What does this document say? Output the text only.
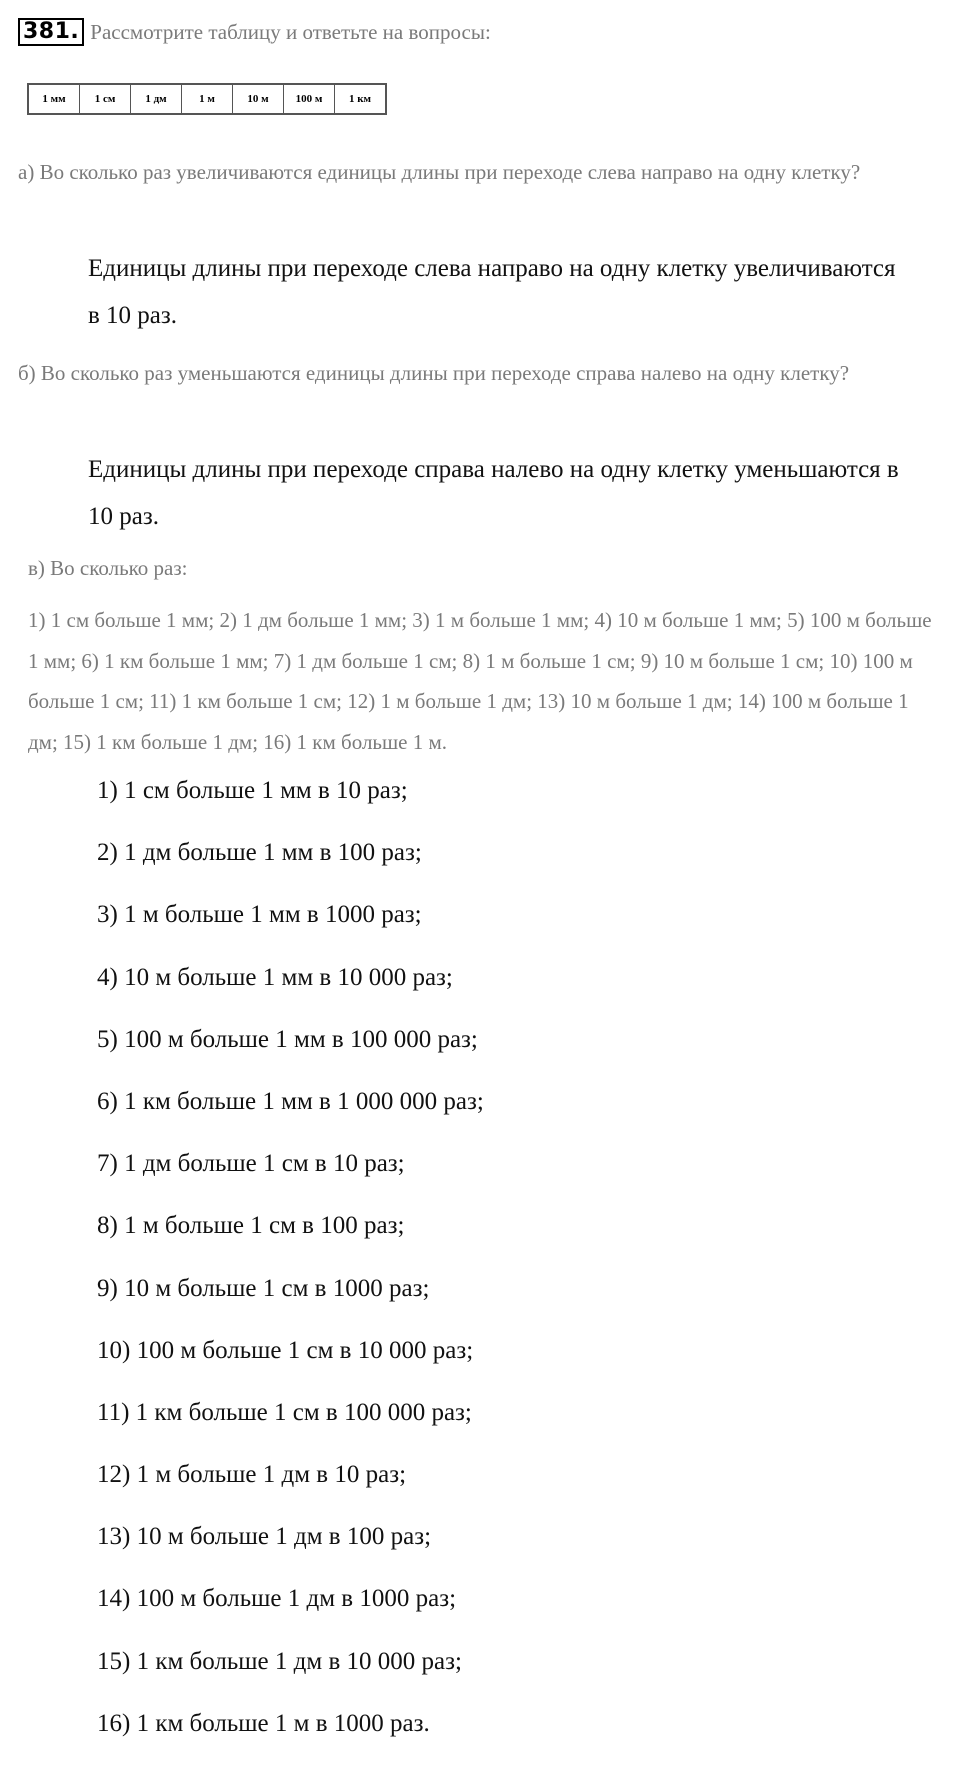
381. Рассмотрите таблицу и ответьте на вопросы:
1 мм	1 см	1 дм	1 м	10 м	100 м	1 км
а) Во сколько раз увеличиваются единицы длины при переходе слева направо на одну клетку?
Единицы длины при переходе слева направо на одну клетку увеличиваются в 10 раз.
б) Во сколько раз уменьшаются единицы длины при переходе справа налево на одну клетку?
Единицы длины при переходе справа налево на одну клетку уменьшаются в 10 раз.
в) Во сколько раз:
1) 1 см больше 1 мм; 2) 1 дм больше 1 мм; 3) 1 м больше 1 мм; 4) 10 м больше 1 мм; 5) 100 м больше 1 мм; 6) 1 км больше 1 мм; 7) 1 дм больше 1 см; 8) 1 м больше 1 см; 9) 10 м больше 1 см; 10) 100 м больше 1 см; 11) 1 км больше 1 см; 12) 1 м больше 1 дм; 13) 10 м больше 1 дм; 14) 100 м больше 1 дм; 15) 1 км больше 1 дм; 16) 1 км больше 1 м.
1) 1 см больше 1 мм в 10 раз;
2) 1 дм больше 1 мм в 100 раз;
3) 1 м больше 1 мм в 1000 раз;
4) 10 м больше 1 мм в 10 000 раз;
5) 100 м больше 1 мм в 100 000 раз;
6) 1 км больше 1 мм в 1 000 000 раз;
7) 1 дм больше 1 см в 10 раз;
8) 1 м больше 1 см в 100 раз;
9) 10 м больше 1 см в 1000 раз;
10) 100 м больше 1 см в 10 000 раз;
11) 1 км больше 1 см в 100 000 раз;
12) 1 м больше 1 дм в 10 раз;
13) 10 м больше 1 дм в 100 раз;
14) 100 м больше 1 дм в 1000 раз;
15) 1 км больше 1 дм в 10 000 раз;
16) 1 км больше 1 м в 1000 раз.
